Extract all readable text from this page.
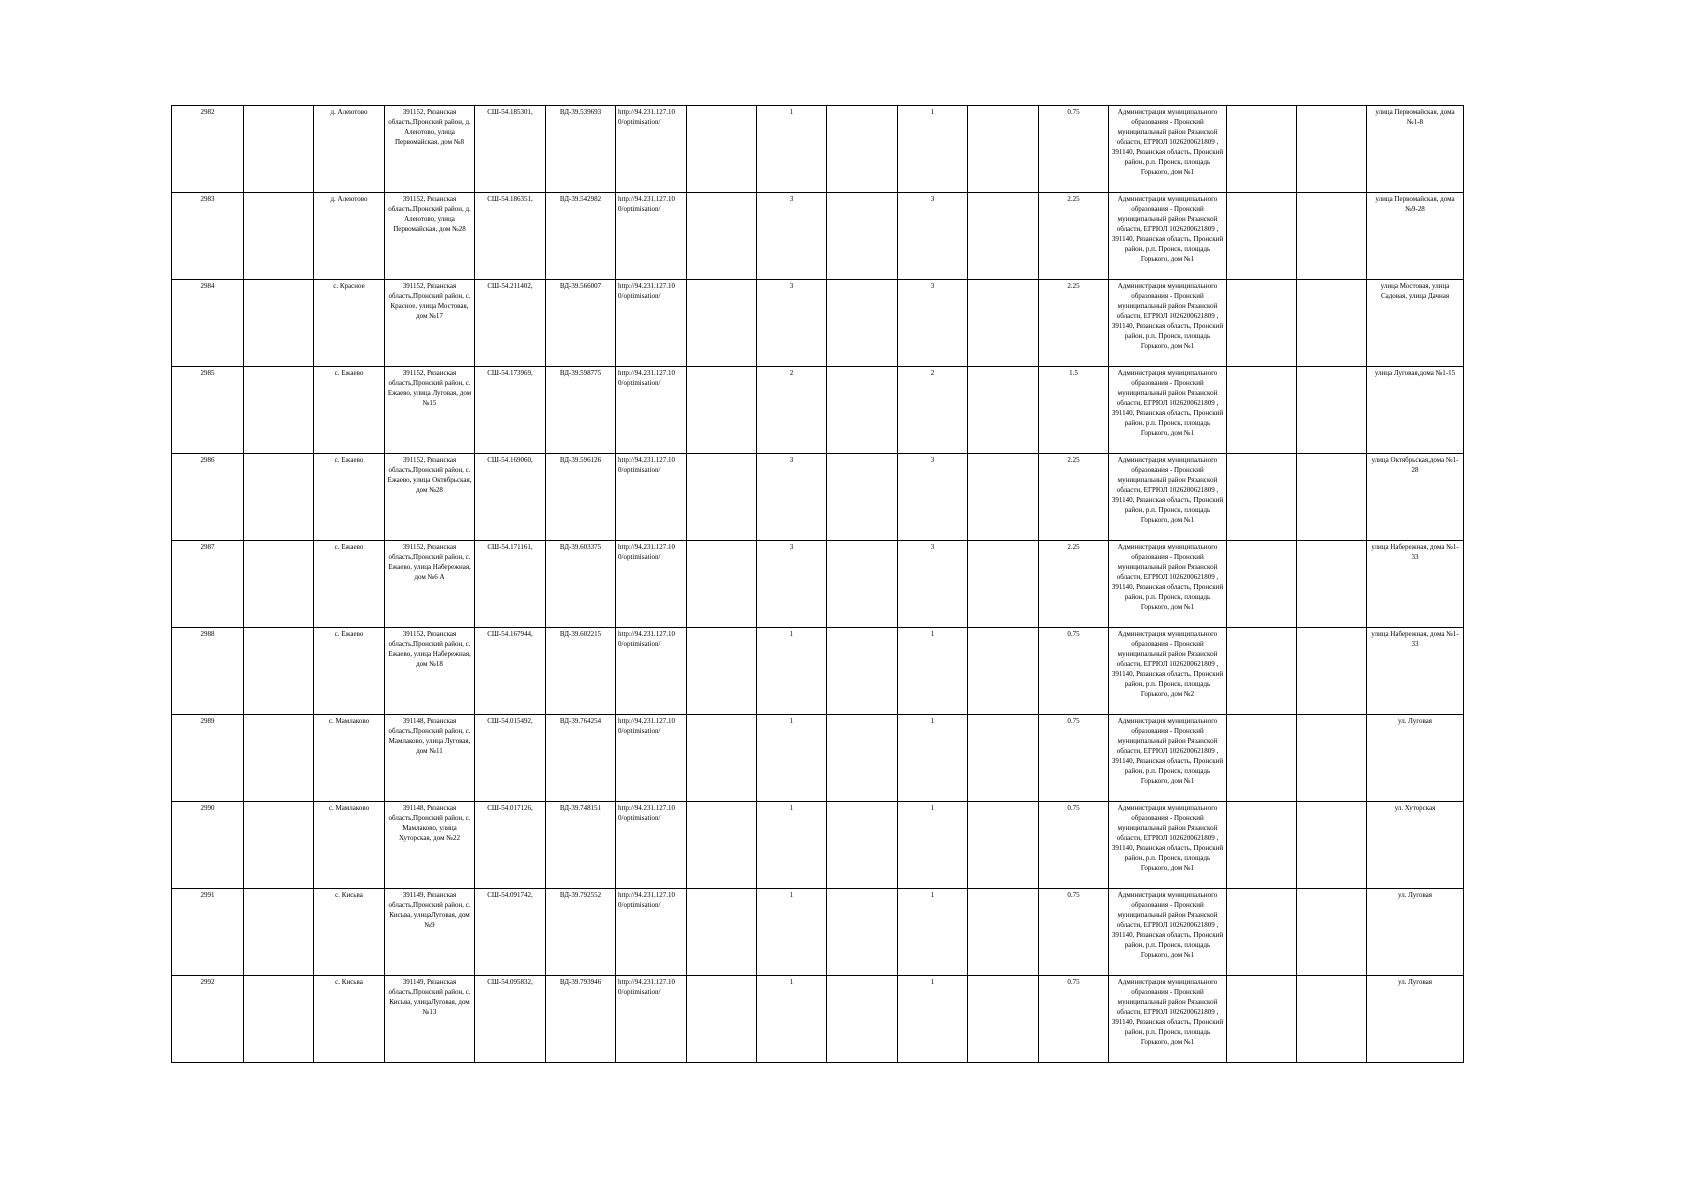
2982		д. Алеютово	391152, Рязанская область,Пронский район, д. Алеютово, улица Первомайская, дом №8	СШ-54.185301,	ВД-39.539693	http://94.231.127.10 0/optimisation/		1		1		0.75	Администрация муниципального образования - Пронский муниципальный район Рязанской области, ЕГРЮЛ 1026200621809 , 391140, Рязанская область, Пронский район, р.п. Пронск, площадь Горького, дом №1			улица Первомайская, дома №1-8
2983		д. Алеютово	391152, Рязанская область,Пронский район, д. Алеютово, улица Первомайская, дом №28	СШ-54.186351,	ВД-39.542982	http://94.231.127.10 0/optimisation/		3		3		2.25	Администрация муниципального образования - Пронский муниципальный район Рязанской области, ЕГРЮЛ 1026200621809 , 391140, Рязанская область, Пронский район, р.п. Пронск, площадь Горького, дом №1			улица Первомайская, дома №9-28
2984		с. Красное	391152, Рязанская область,Пронский район, с. Красное, улица Мостовая, дом №17	СШ-54.211402,	ВД-39.566007	http://94.231.127.10 0/optimisation/		3		3		2.25	Администрация муниципального образования - Пронский муниципальный район Рязанской области, ЕГРЮЛ 1026200621809 , 391140, Рязанская область, Пронский район, р.п. Пронск, площадь Горького, дом №1			улица Мостовая, улица Садовая, улица Дачная
2985		с. Ежаево	391152, Рязанская область,Пронский район, с. Ежаево, улица Луговая, дом №15	СШ-54.173969,	ВД-39.598775	http://94.231.127.10 0/optimisation/		2		2		1.5	Администрация муниципального образования - Пронский муниципальный район Рязанской области, ЕГРЮЛ 1026200621809 , 391140, Рязанская область, Пронский район, р.п. Пронск, площадь Горького, дом №1			улица Луговая,дома №1-15
2986		с. Ежаево	391152, Рязанская область,Пронский район, с. Ежаево, улица Октябрьская, дом №28	СШ-54.169060,	ВД-39.596126	http://94.231.127.10 0/optimisation/		3		3		2.25	Администрация муниципального образования - Пронский муниципальный район Рязанской области, ЕГРЮЛ 1026200621809 , 391140, Рязанская область, Пронский район, р.п. Пронск, площадь Горького, дом №1			улица Октябрьская,дома №1-28
2987		с. Ежаево	391152, Рязанская область,Пронский район, с. Ежаево, улица Набережная, дом №6 А	СШ-54.171161,	ВД-39.603375	http://94.231.127.10 0/optimisation/		3		3		2.25	Администрация муниципального образования - Пронский муниципальный район Рязанской области, ЕГРЮЛ 1026200621809 , 391140, Рязанская область, Пронский район, р.п. Пронск, площадь Горького, дом №1			улица Набережная, дома №1-33
2988		с. Ежаево	391152, Рязанская область,Пронский район, с. Ежаево, улица Набережная, дом №18	СШ-54.167944,	ВД-39.602215	http://94.231.127.10 0/optimisation/		1		1		0.75	Администрация муниципального образования - Пронский муниципальный район Рязанской области, ЕГРЮЛ 1026200621809 , 391140, Рязанская область, Пронский район, р.п. Пронск, площадь Горького, дом №2			улица Набережная, дома №1-33
2989		с. Мамлаково	391148, Рязанская область,Пронский район, с. Мамлаково, улица Луговая, дом №11	СШ-54.015492,	ВД-39.764254	http://94.231.127.10 0/optimisation/		1		1		0.75	Администрация муниципального образования - Пронский муниципальный район Рязанской области, ЕГРЮЛ 1026200621809 , 391140, Рязанская область, Пронский район, р.п. Пронск, площадь Горького, дом №1			ул. Луговая
2990		с. Мамлаково	391148, Рязанская область,Пронский район, с. Мамлаково, улица Хуторская, дом №22	СШ-54.017126,	ВД-39.748151	http://94.231.127.10 0/optimisation/		1		1		0.75	Администрация муниципального образования - Пронский муниципальный район Рязанской области, ЕГРЮЛ 1026200621809 , 391140, Рязанская область, Пронский район, р.п. Пронск, площадь Горького, дом №1			ул. Хуторская
2991		с. Кисьва	391149, Рязанская область,Пронский район, с. Кисьва, улицаЛуговая, дом №9	СШ-54.091742,	ВД-39.792552	http://94.231.127.10 0/optimisation/		1		1		0.75	Администрация муниципального образования - Пронский муниципальный район Рязанской области, ЕГРЮЛ 1026200621809 , 391140, Рязанская область, Пронский район, р.п. Пронск, площадь Горького, дом №1			ул. Луговая
2992		с. Кисьва	391149, Рязанская область,Пронский район, с. Кисьва, улицаЛуговая, дом №13	СШ-54.095832,	ВД-39.793946	http://94.231.127.10 0/optimisation/		1		1		0.75	Администрация муниципального образования - Пронский муниципальный район Рязанской области, ЕГРЮЛ 1026200621809 , 391140, Рязанская область, Пронский район, р.п. Пронск, площадь Горького, дом №1			ул. Луговая
